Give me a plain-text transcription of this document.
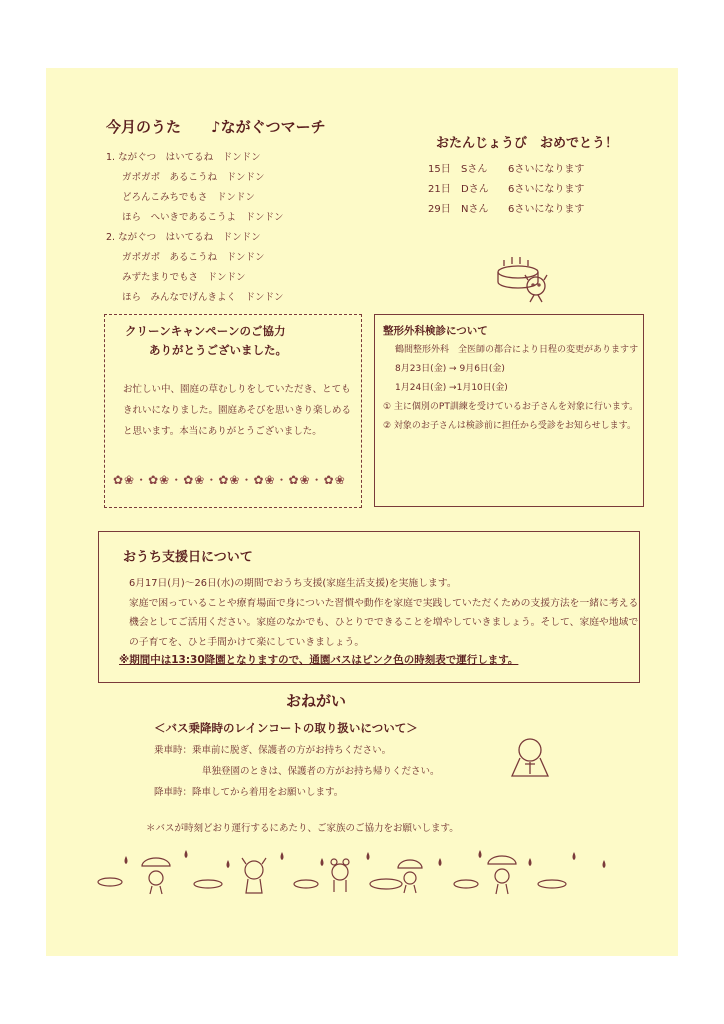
今月のうた　　♪ながぐつマーチ
1. ながぐつ　はいてるね　ドンドン
ガボガボ　あるこうね　ドンドン
どろんこみちでもさ　ドンドン
ほら　へいきであるこうよ　ドンドン
2. ながぐつ　はいてるね　ドンドン
ガボガボ　あるこうね　ドンドン
みずたまりでもさ　ドンドン
ほら　みんなでげんきよく　ドンドン
おたんじょうび　おめでとう！
15日 Sさん 6さいになります
21日 Dさん 6さいになります
29日 Nさん 6さいになります
クリーンキャンペーンのご協力
ありがとうございました。
お忙しい中、園庭の草むしりをしていただき、とてもきれいになりました。園庭あそびを思いきり楽しめると思います。本当にありがとうございました。
✿❀・✿❀・✿❀・✿❀・✿❀・✿❀・✿❀
整形外科検診について
鶴間整形外科　全医師の都合により日程の変更がありますす
8月23日(金) → 9月6日(金)
1月24日(金) →1月10日(金)
① 主に個別のPT訓練を受けているお子さんを対象に行います。
② 対象のお子さんは検診前に担任から受診をお知らせします。
おうち支援日について
6月17日(月)～26日(水)の期間でおうち支援(家庭生活支援)を実施します。
家庭で困っていることや療育場面で身についた習慣や動作を家庭で実践していただくための支援方法を一緒に考える機会としてご活用ください。家庭のなかでも、ひとりでできることを増やしていきましょう。そして、家庭や地域での子育てを、ひと手間かけて楽にしていきましょう。
※期間中は13:30降園となりますので、通園バスはピンク色の時刻表で運行します。
おねがい
＜バス乗降時のレインコートの取り扱いについて＞
乗車時：乗車前に脱ぎ、保護者の方がお持ちください。
単独登園のときは、保護者の方がお持ち帰りください。
降車時：降車してから着用をお願いします。
＊バスが時刻どおり運行するにあたり、ご家族のご協力をお願いします。
